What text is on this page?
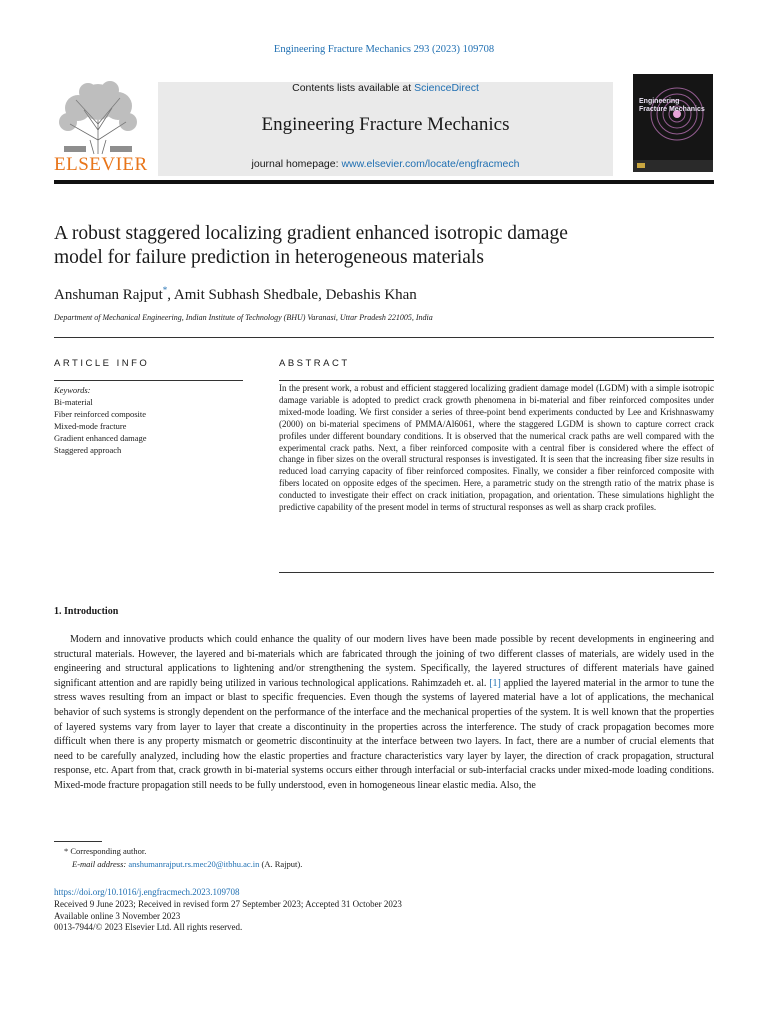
Engineering Fracture Mechanics 293 (2023) 109708
ELSEVIER
Contents lists available at ScienceDirect
Engineering Fracture Mechanics
journal homepage: www.elsevier.com/locate/engfracmech
Engineering Fracture Mechanics
A robust staggered localizing gradient enhanced isotropic damage
model for failure prediction in heterogeneous materials
Anshuman Rajput*, Amit Subhash Shedbale, Debashis Khan
Department of Mechanical Engineering, Indian Institute of Technology (BHU) Varanasi, Uttar Pradesh 221005, India
ARTICLE INFO
Keywords:
Bi-material
Fiber reinforced composite
Mixed-mode fracture
Gradient enhanced damage
Staggered approach
ABSTRACT
In the present work, a robust and efficient staggered localizing gradient damage model (LGDM) with a simple isotropic damage variable is adopted to predict crack growth phenomena in bi-material and fiber reinforced composites under mixed-mode loading. We first consider a series of three-point bend experiments conducted by Lee and Krishnaswamy (2000) on bi-material specimens of PMMA/Al6061, where the staggered LGDM is shown to capture correct crack profiles under different boundary conditions. It is observed that the numerical crack paths are well compared with the experimental crack paths. Next, a fiber reinforced composite with a central fiber is considered where the effect of change in fiber sizes on the overall structural responses is investigated. It is seen that the increasing fiber size results in reduced load carrying capacity of fiber reinforced composites. Finally, we consider a fiber reinforced composite with fibers located on opposite edges of the specimen. Here, a parametric study on the strength ratio of the matrix phase is conducted to investigate their effect on crack initiation, propagation, and orientation. These simulations highlight the predictive capability of the present model in terms of structural responses as well as sharp crack profiles.
1. Introduction
Modern and innovative products which could enhance the quality of our modern lives have been made possible by recent developments in engineering and structural materials. However, the layered and bi-materials which are fabricated through the joining of two different classes of materials, are widely used in the engineering and structural applications to lightening and/or strengthening the system. Specifically, the layered structures of different materials have gained significant attention and are rapidly being utilized in various technological applications. Rahimzadeh et. al. [1] applied the layered material in the armor to tune the stress waves resulting from an impact or blast to specific frequencies. Even though the systems of layered material have a lot of applications, the mechanical behavior of such systems is strongly dependent on the performance of the interface and the mechanical properties of the system. It is well known that the properties of layered systems vary from layer to layer that create a discontinuity in the properties across the interference. The study of crack propagation becomes more difficult when there is any property mismatch or geometric discontinuity at the interface between two layers. In fact, there are a number of crucial elements that need to be carefully analyzed, including how the elastic properties and fracture characteristics vary layer by layer, the direction of crack propagation, structural response, etc. Apart from that, crack growth in bi-material systems occurs either through interfacial or sub-interfacial cracks under mixed-mode loading conditions. Mixed-mode fracture propagation still needs to be fully understood, even in homogeneous linear elastic media. Also, the
* Corresponding author.
E-mail address: anshumanrajput.rs.mec20@itbhu.ac.in (A. Rajput).
https://doi.org/10.1016/j.engfracmech.2023.109708
Received 9 June 2023; Received in revised form 27 September 2023; Accepted 31 October 2023
Available online 3 November 2023
0013-7944/© 2023 Elsevier Ltd. All rights reserved.
